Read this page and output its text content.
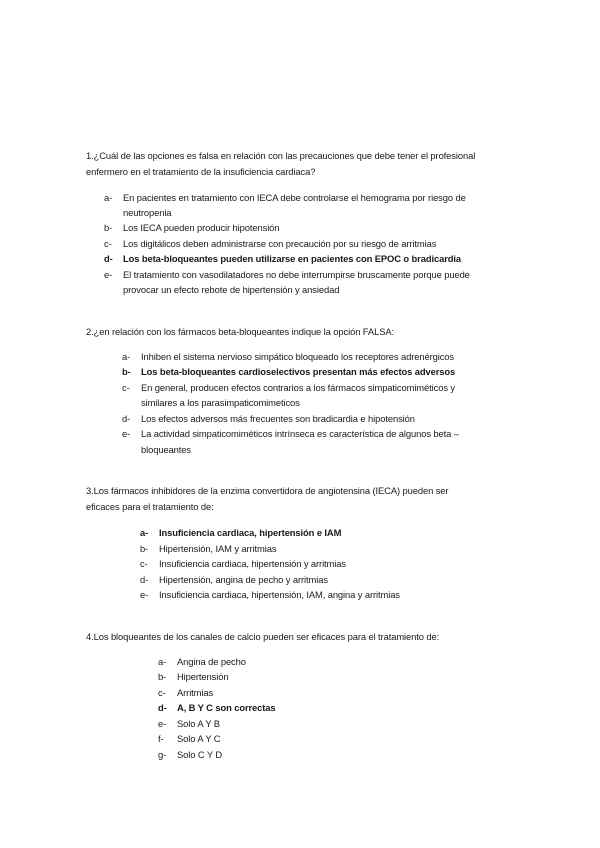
1.¿Cuál de las opciones es falsa en relación con las precauciones que debe tener el profesional
enfermero en el tratamiento de la insuficiencia cardiaca?
a- En pacientes en tratamiento con IECA debe controlarse el hemograma por riesgo de
neutropenia
b- Los IECA pueden producir hipotensión
c- Los digitálicos deben administrarse con precaución por su riesgo de arritmias
d- Los beta-bloqueantes pueden utilizarse en pacientes con EPOC o bradicardia
e- El tratamiento con vasodilatadores no debe interrumpirse bruscamente porque puede
provocar un efecto rebote de hipertensión y ansiedad
2.¿en relación con los fármacos beta-bloqueantes indique la opción FALSA:
a- Inhiben el sistema nervioso simpático bloqueado los receptores adrenérgicos
b- Los beta-bloqueantes cardioselectivos presentan más efectos adversos
c- En general, producen efectos contrarios a los fármacos simpaticomiméticos y
similares a los parasimpaticomimeticos
d- Los efectos adversos más frecuentes son bradicardia e hipotensión
e- La actividad simpaticomiméticos intrínseca es característica de algunos beta –
bloqueantes
3.Los fármacos inhibidores de la enzima convertidora de angiotensina (IECA) pueden ser
eficaces para el tratamiento de:
a- Insuficiencia cardiaca, hipertensión e IAM
b- Hipertensión, IAM y arritmias
c- Insuficiencia cardiaca, hipertensión y arritmias
d- Hipertensión, angina de pecho y arritmias
e- Insuficiencia cardiaca, hipertensión, IAM, angina y arritmias
4.Los bloqueantes de los canales de calcio pueden ser eficaces para el tratamiento de:
a- Angina de pecho
b- Hipertensión
c- Arritmias
d- A, B Y C son correctas
e- Solo A Y B
f- Solo A Y C
g- Solo C Y D
